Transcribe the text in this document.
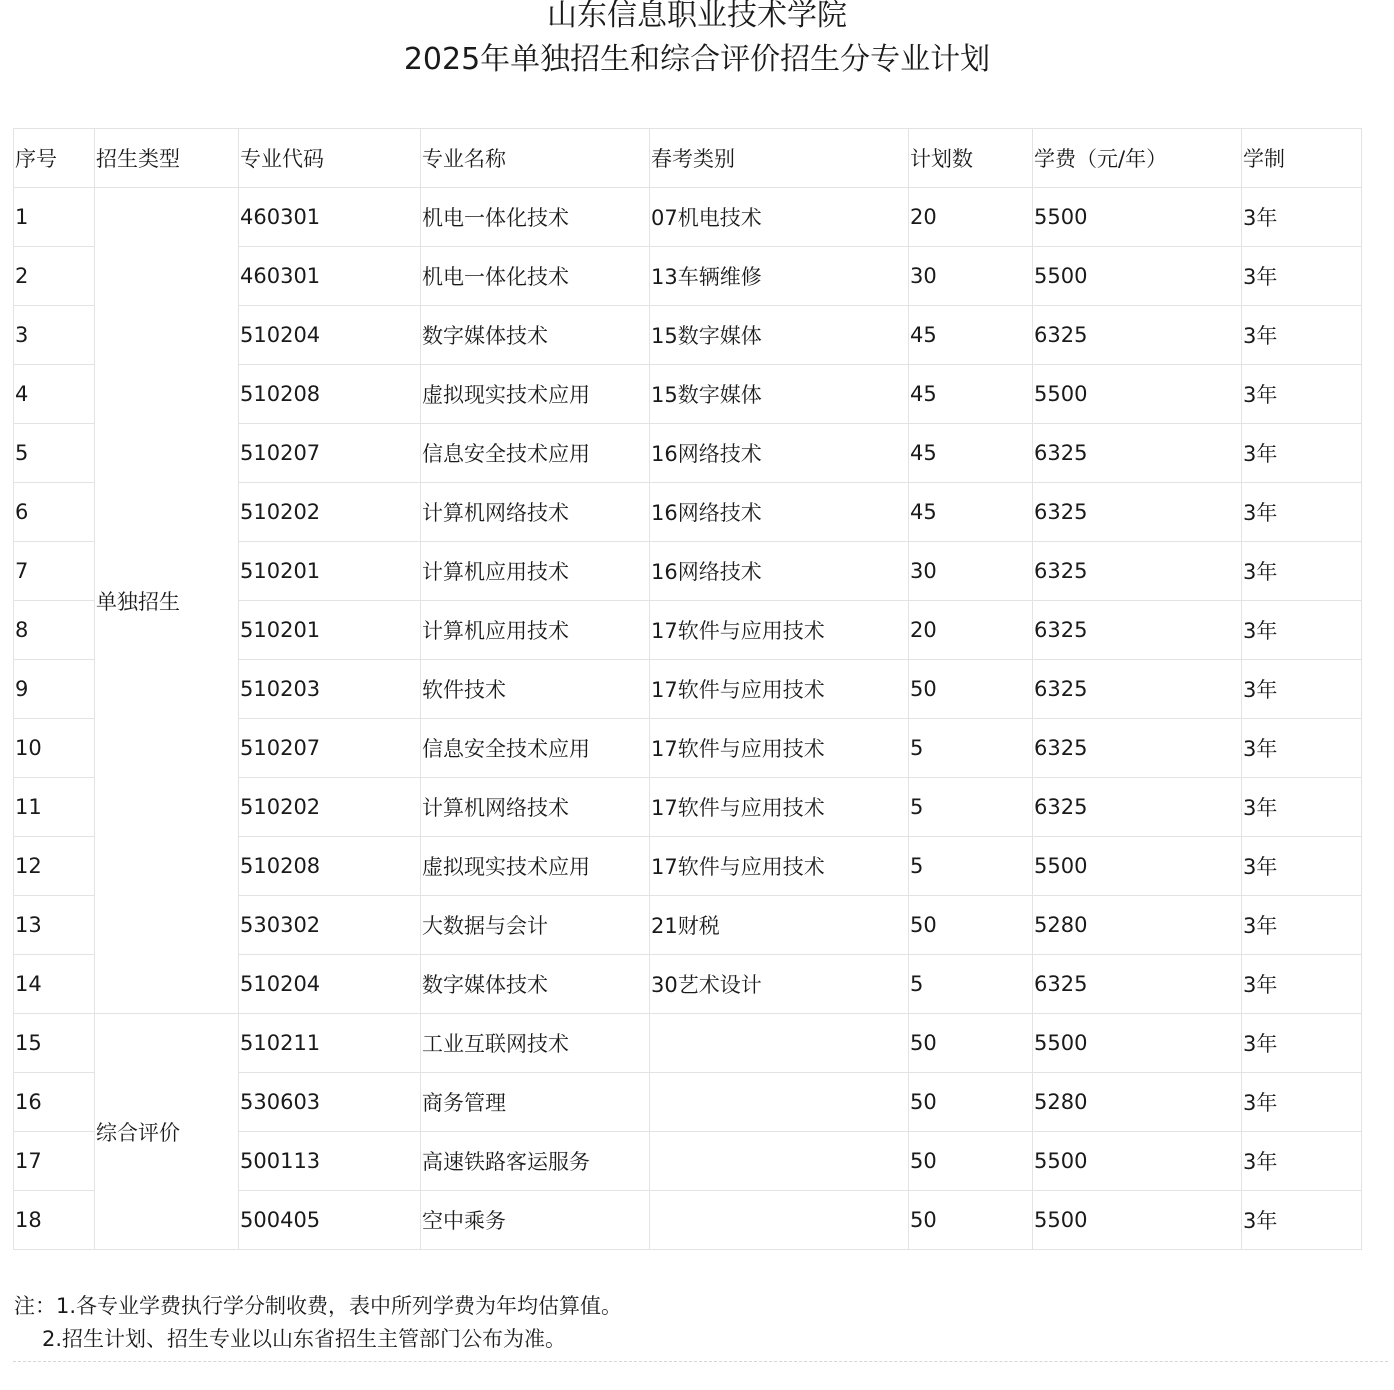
山东信息职业技术学院
2025年单独招生和综合评价招生分专业计划
序号	招生类型	专业代码	专业名称	春考类别	计划数	学费（元/年）	学制
1	单独招生	460301	机电一体化技术	07机电技术	20	5500	3年
2		460301	机电一体化技术	13车辆维修	30	5500	3年
3		510204	数字媒体技术	15数字媒体	45	6325	3年
4		510208	虚拟现实技术应用	15数字媒体	45	5500	3年
5		510207	信息安全技术应用	16网络技术	45	6325	3年
6		510202	计算机网络技术	16网络技术	45	6325	3年
7		510201	计算机应用技术	16网络技术	30	6325	3年
8		510201	计算机应用技术	17软件与应用技术	20	6325	3年
9		510203	软件技术	17软件与应用技术	50	6325	3年
10		510207	信息安全技术应用	17软件与应用技术	5	6325	3年
11		510202	计算机网络技术	17软件与应用技术	5	6325	3年
12		510208	虚拟现实技术应用	17软件与应用技术	5	5500	3年
13		530302	大数据与会计	21财税	50	5280	3年
14		510204	数字媒体技术	30艺术设计	5	6325	3年
15	综合评价	510211	工业互联网技术		50	5500	3年
16		530603	商务管理		50	5280	3年
17		500113	高速铁路客运服务		50	5500	3年
18		500405	空中乘务		50	5500	3年
注：1.各专业学费执行学分制收费，表中所列学费为年均估算值。
2.招生计划、招生专业以山东省招生主管部门公布为准。
